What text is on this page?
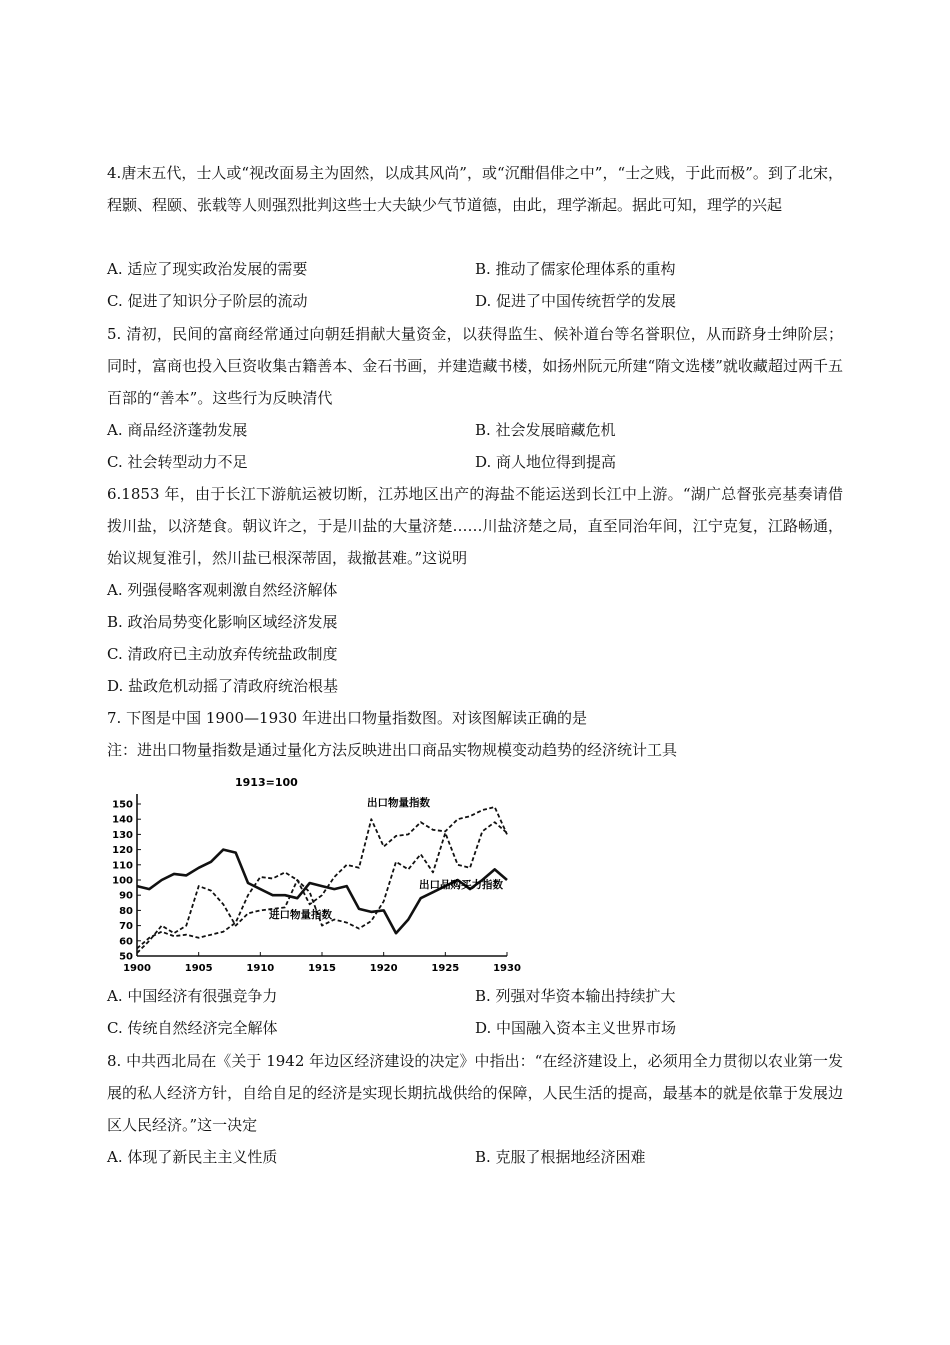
4.唐末五代，士人或“视改面易主为固然，以成其风尚”，或“沉酣倡俳之中”，“士之贱，于此而极”。到了北宋，程颢、程颐、张载等人则强烈批判这些士大夫缺少气节道德，由此，理学渐起。据此可知，理学的兴起

A. 适应了现实政治发展的需要	B. 推动了儒家伦理体系的重构

C. 促进了知识分子阶层的流动	D. 促进了中国传统哲学的发展

5. 清初，民间的富商经常通过向朝廷捐献大量资金，以获得监生、候补道台等名誉职位，从而跻身士绅阶层；同时，富商也投入巨资收集古籍善本、金石书画，并建造藏书楼，如扬州阮元所建“隋文选楼”就收藏超过两千五百部的“善本”。这些行为反映清代

A. 商品经济蓬勃发展	B. 社会发展暗藏危机

C. 社会转型动力不足	D. 商人地位得到提高

6.1853 年，由于长江下游航运被切断，江苏地区出产的海盐不能运送到长江中上游。“湖广总督张亮基奏请借拨川盐，以济楚食。朝议许之，于是川盐的大量济楚……川盐济楚之局，直至同治年间，江宁克复，江路畅通，始议规复淮引，然川盐已根深蒂固，裁撤甚难。”这说明

A. 列强侵略客观刺激自然经济解体

B. 政治局势变化影响区域经济发展

C. 清政府已主动放弃传统盐政制度

D. 盐政危机动摇了清政府统治根基

7. 下图是中国 1900—1930 年进出口物量指数图。对该图解读正确的是

注：进出口物量指数是通过量化方法反映进出口商品实物规模变动趋势的经济统计工具

1913=100
50
60
70
80
90
100
110
120
130
140
150
1900	1905	1910	1915	1920	1925	1930
出口物量指数
出口品购买力指数
进口物量指数

A. 中国经济有很强竞争力	B. 列强对华资本输出持续扩大

C. 传统自然经济完全解体	D. 中国融入资本主义世界市场

8. 中共西北局在《关于 1942 年边区经济建设的决定》中指出：“在经济建设上，必须用全力贯彻以农业第一发展的私人经济方针，自给自足的经济是实现长期抗战供给的保障，人民生活的提高，最基本的就是依靠于发展边区人民经济。”这一决定

A. 体现了新民主主义性质	B. 克服了根据地经济困难
